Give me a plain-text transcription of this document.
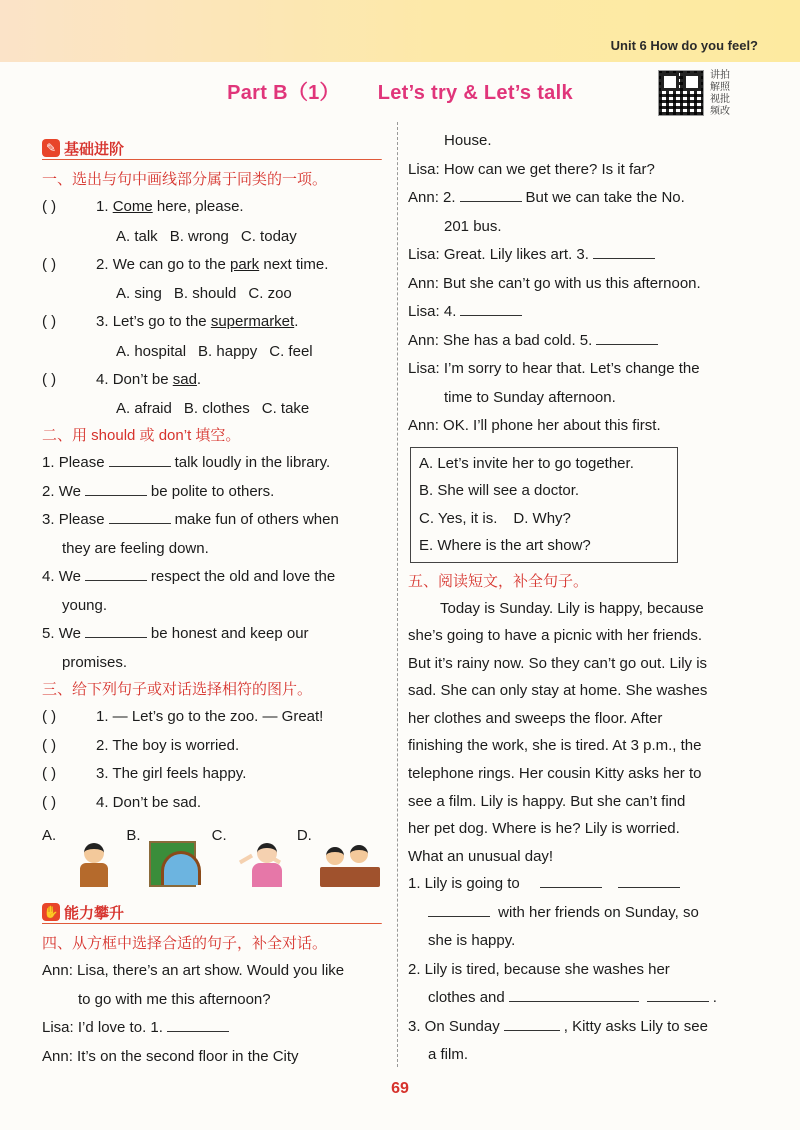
Unit 6 How do you feel?
Part B（1） Let’s try & Let’s talk
讲拍解照视批频改
✎ 基础进阶
一、选出与句中画线部分属于同类的一项。
( )	1. Come here, please.
A. talk B. wrong C. today
( )	2. We can go to the park next time.
A. sing B. should C. zoo
( )	3. Let’s go to the supermarket.
A. hospital B. happy C. feel
( )	4. Don’t be sad.
A. afraid B. clothes C. take
二、用 should 或 don’t 填空。
1. Please	talk loudly in the library.
2. We	be polite to others.
3. Please	make fun of others when
they are feeling down.
4. We	respect the old and love the
young.
5. We	be honest and keep our
promises.
三、给下列句子或对话选择相符的图片。
( )	1. — Let’s go to the zoo. — Great!
( )	2. The boy is worried.
( )	3. The girl feels happy.
( )	4. Don’t be sad.
A.	B.	C.	D.
✋ 能力攀升
四、从方框中选择合适的句子，补全对话。
Ann: Lisa, there’s an art show. Would you like
to go with me this afternoon?
Lisa: I’d love to. 1.
Ann: It’s on the second floor in the City
House.
Lisa: How can we get there? Is it far?
Ann: 2.	But we can take the No.
201 bus.
Lisa: Great. Lily likes art. 3.
Ann: But she can’t go with us this afternoon.
Lisa: 4.
Ann: She has a bad cold. 5.
Lisa: I’m sorry to hear that. Let’s change the
time to Sunday afternoon.
Ann: OK. I’ll phone her about this first.
A. Let’s invite her to go together.
B. She will see a doctor.
C. Yes, it is. D. Why?
E. Where is the art show?
五、阅读短文，补全句子。
Today is Sunday. Lily is happy, because
she’s going to have a picnic with her friends.
But it’s rainy now. So they can’t go out. Lily is
sad. She can only stay at home. She washes
her clothes and sweeps the floor. After
finishing the work, she is tired. At 3 p.m., the
telephone rings. Her cousin Kitty asks her to
see a film. Lily is happy. But she can’t find
her pet dog. Where is he? Lily is worried.
What an unusual day!
1. Lily is going to
with her friends on Sunday, so
she is happy.
2. Lily is tired, because she washes her
clothes and	.
3. On Sunday	, Kitty asks Lily to see
a film.
69
